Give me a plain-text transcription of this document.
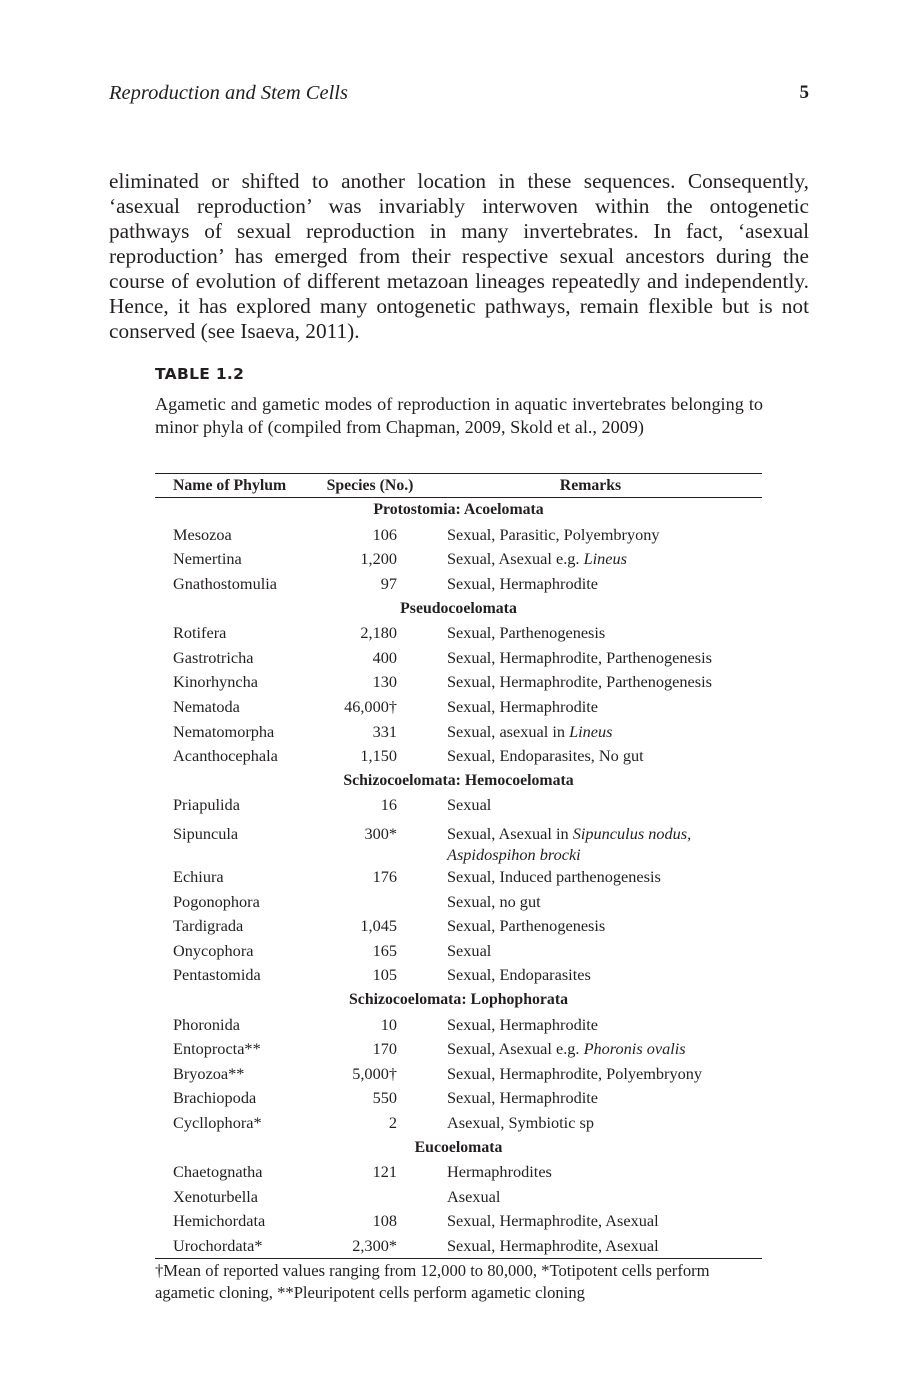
Reproduction and Stem Cells	5

eliminated or shifted to another location in these sequences. Consequently, ‘asexual reproduction’ was invariably interwoven within the ontogenetic pathways of sexual reproduction in many invertebrates. In fact, ‘asexual reproduction’ has emerged from their respective sexual ancestors during the course of evolution of different metazoan lineages repeatedly and independently. Hence, it has explored many ontogenetic pathways, remain flexible but is not conserved (see Isaeva, 2011).

TABLE 1.2

Agametic and gametic modes of reproduction in aquatic invertebrates belonging to minor phyla of (compiled from Chapman, 2009, Skold et al., 2009)

Name of Phylum	Species (No.)	Remarks
Protostomia: Acoelomata		
Mesozoa	106	Sexual, Parasitic, Polyembryony
Nemertina	1,200	Sexual, Asexual e.g. Lineus
Gnathostomulia	97	Sexual, Hermaphrodite
Pseudocoelomata		
Rotifera	2,180	Sexual, Parthenogenesis
Gastrotricha	400	Sexual, Hermaphrodite, Parthenogenesis
Kinorhyncha	130	Sexual, Hermaphrodite, Parthenogenesis
Nematoda	46,000†	Sexual, Hermaphrodite
Nematomorpha	331	Sexual, asexual in Lineus
Acanthocephala	1,150	Sexual, Endoparasites, No gut
Schizocoelomata: Hemocoelomata		
Priapulida	16	Sexual
Sipuncula	300*	Sexual, Asexual in Sipunculus nodus, Aspidospihon brocki
Echiura	176	Sexual, Induced parthenogenesis
Pogonophora		Sexual, no gut
Tardigrada	1,045	Sexual, Parthenogenesis
Onycophora	165	Sexual
Pentastomida	105	Sexual, Endoparasites
Schizocoelomata: Lophophorata		
Phoronida	10	Sexual, Hermaphrodite
Entoprocta**	170	Sexual, Asexual e.g. Phoronis ovalis
Bryozoa**	5,000†	Sexual, Hermaphrodite, Polyembryony
Brachiopoda	550	Sexual, Hermaphrodite
Cycllophora*	2	Asexual, Symbiotic sp
Eucoelomata		
Chaetognatha	121	Hermaphrodites
Xenoturbella		Asexual
Hemichordata	108	Sexual, Hermaphrodite, Asexual
Urochordata*	2,300*	Sexual, Hermaphrodite, Asexual

†Mean of reported values ranging from 12,000 to 80,000, *Totipotent cells perform agametic cloning, **Pleuripotent cells perform agametic cloning
